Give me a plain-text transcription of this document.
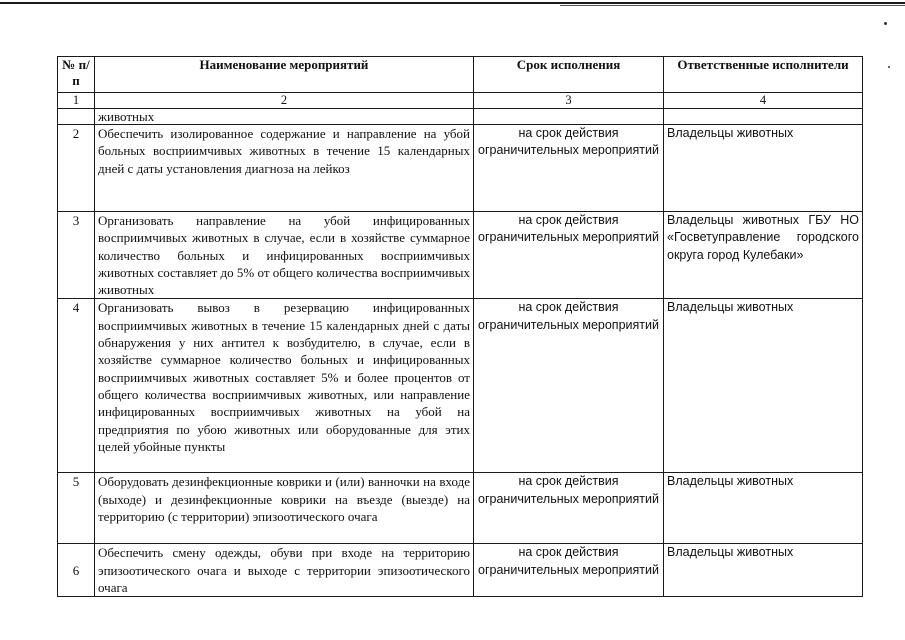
№ п/п	Наименование мероприятий	Срок исполнения	Ответственные исполнители
1	2	3	4
	животных		
2	Обеспечить изолированное содержание и направление на убой больных восприимчивых животных в течение 15 календарных дней с даты установления диагноза на лейкоз	на срок действия ограничительных мероприятий	Владельцы животных
3	Организовать направление на убой инфицированных восприимчивых животных в случае, если в хозяйстве суммарное количество больных и инфицированных восприимчивых животных составляет до 5% от общего количества восприимчивых животных	на срок действия ограничительных мероприятий	Владельцы животных ГБУ НО «Госветуправление городского округа город Кулебаки»
4	Организовать вывоз в резервацию инфицированных восприимчивых животных в течение 15 календарных дней с даты обнаружения у них антител к возбудителю, в случае, если в хозяйстве суммарное количество больных и инфицированных восприимчивых животных составляет 5% и более процентов от общего количества восприимчивых животных, или направление инфицированных восприимчивых животных на убой на предприятия по убою животных или оборудованные для этих целей убойные пункты	на срок действия ограничительных мероприятий	Владельцы животных
5	Оборудовать дезинфекционные коврики и (или) ванночки на входе (выходе) и дезинфекционные коврики на въезде (выезде) на территорию (с территории) эпизоотического очага	на срок действия ограничительных мероприятий	Владельцы животных
6	Обеспечить смену одежды, обуви при входе на территорию эпизоотического очага и выходе с территории эпизоотического очага	на срок действия ограничительных мероприятий	Владельцы животных
